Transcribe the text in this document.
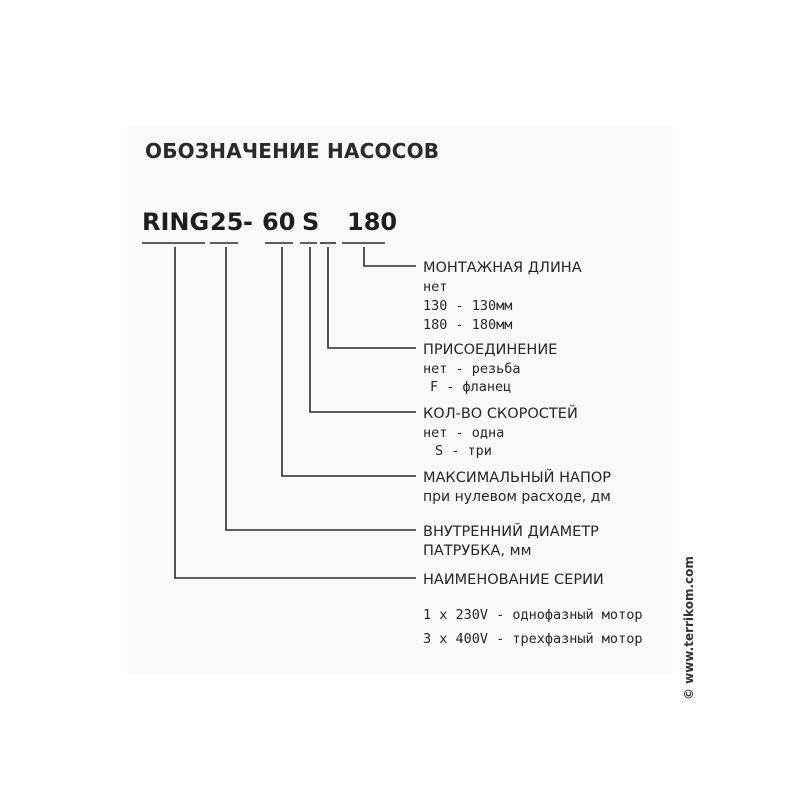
ОБОЗНАЧЕНИЕ НАСОСОВ
RING 25 - 60 S 180
МОНТАЖНАЯ ДЛИНА
нет
130 - 130мм
180 - 180мм
ПРИСОЕДИНЕНИЕ
нет - резьба
F - фланец
КОЛ-ВО СКОРОСТЕЙ
нет - одна
S - три
МАКСИМАЛЬНЫЙ НАПОР
при нулевом расходе, дм
ВНУТРЕННИЙ ДИАМЕТР
ПАТРУБКА, мм
НАИМЕНОВАНИЕ СЕРИИ
1 x 230V - однофазный мотор
3 x 400V - трехфазный мотор	© www.terrikom.com
